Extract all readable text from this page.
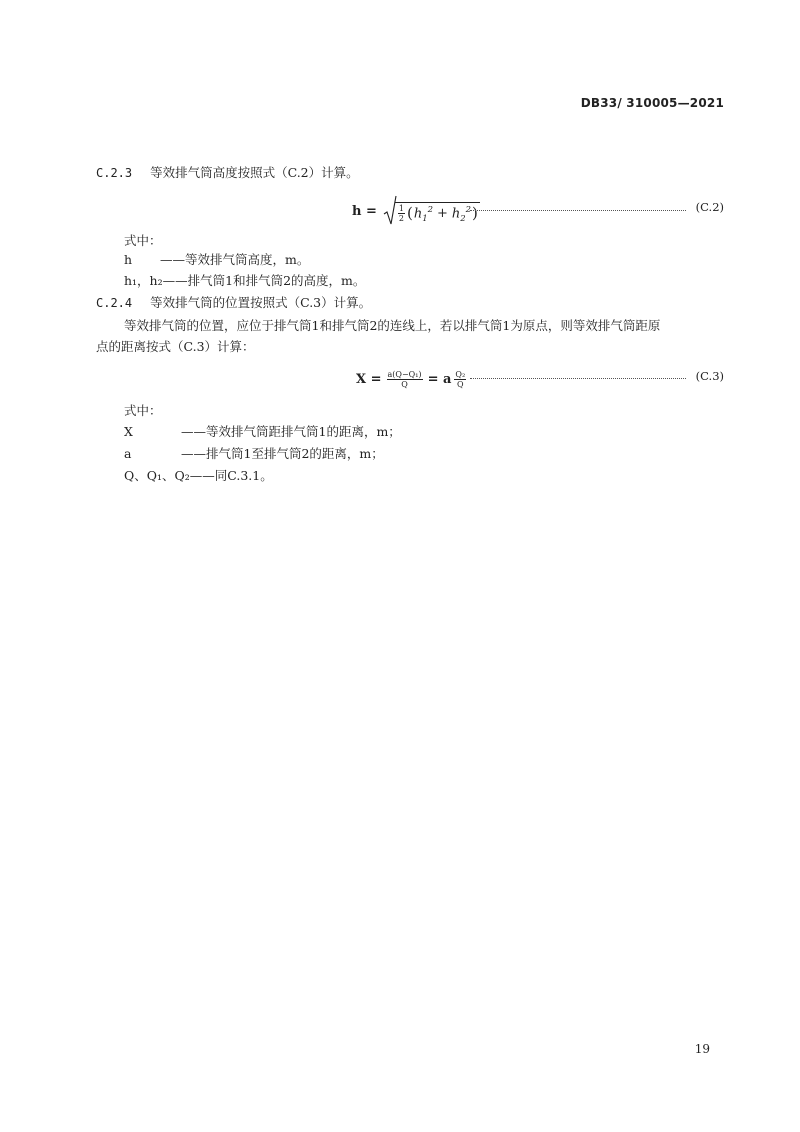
DB33/ 310005—2021
C.2.3 等效排气筒高度按照式（C.2）计算。
h =	$\frac{1}{2}$ ( $h_1^2 + h_2^2$ )	(C.2)
式中：
h ——等效排气筒高度，m。
h₁，h₂——排气筒1和排气筒2的高度，m。
C.2.4 等效排气筒的位置按照式（C.3）计算。
等效排气筒的位置，应位于排气筒1和排气筒2的连线上，若以排气筒1为原点，则等效排气筒距原
点的距离按式（C.3）计算：
$X = \frac{\text{a(Q−Q₁)}}{Q} = a \frac{\text{Q₂}}{Q}$	(C.3)
式中：
X	——等效排气筒距排气筒1的距离，m；
a	——排气筒1至排气筒2的距离，m；
Q、Q₁、Q₂——同C.3.1。
19
